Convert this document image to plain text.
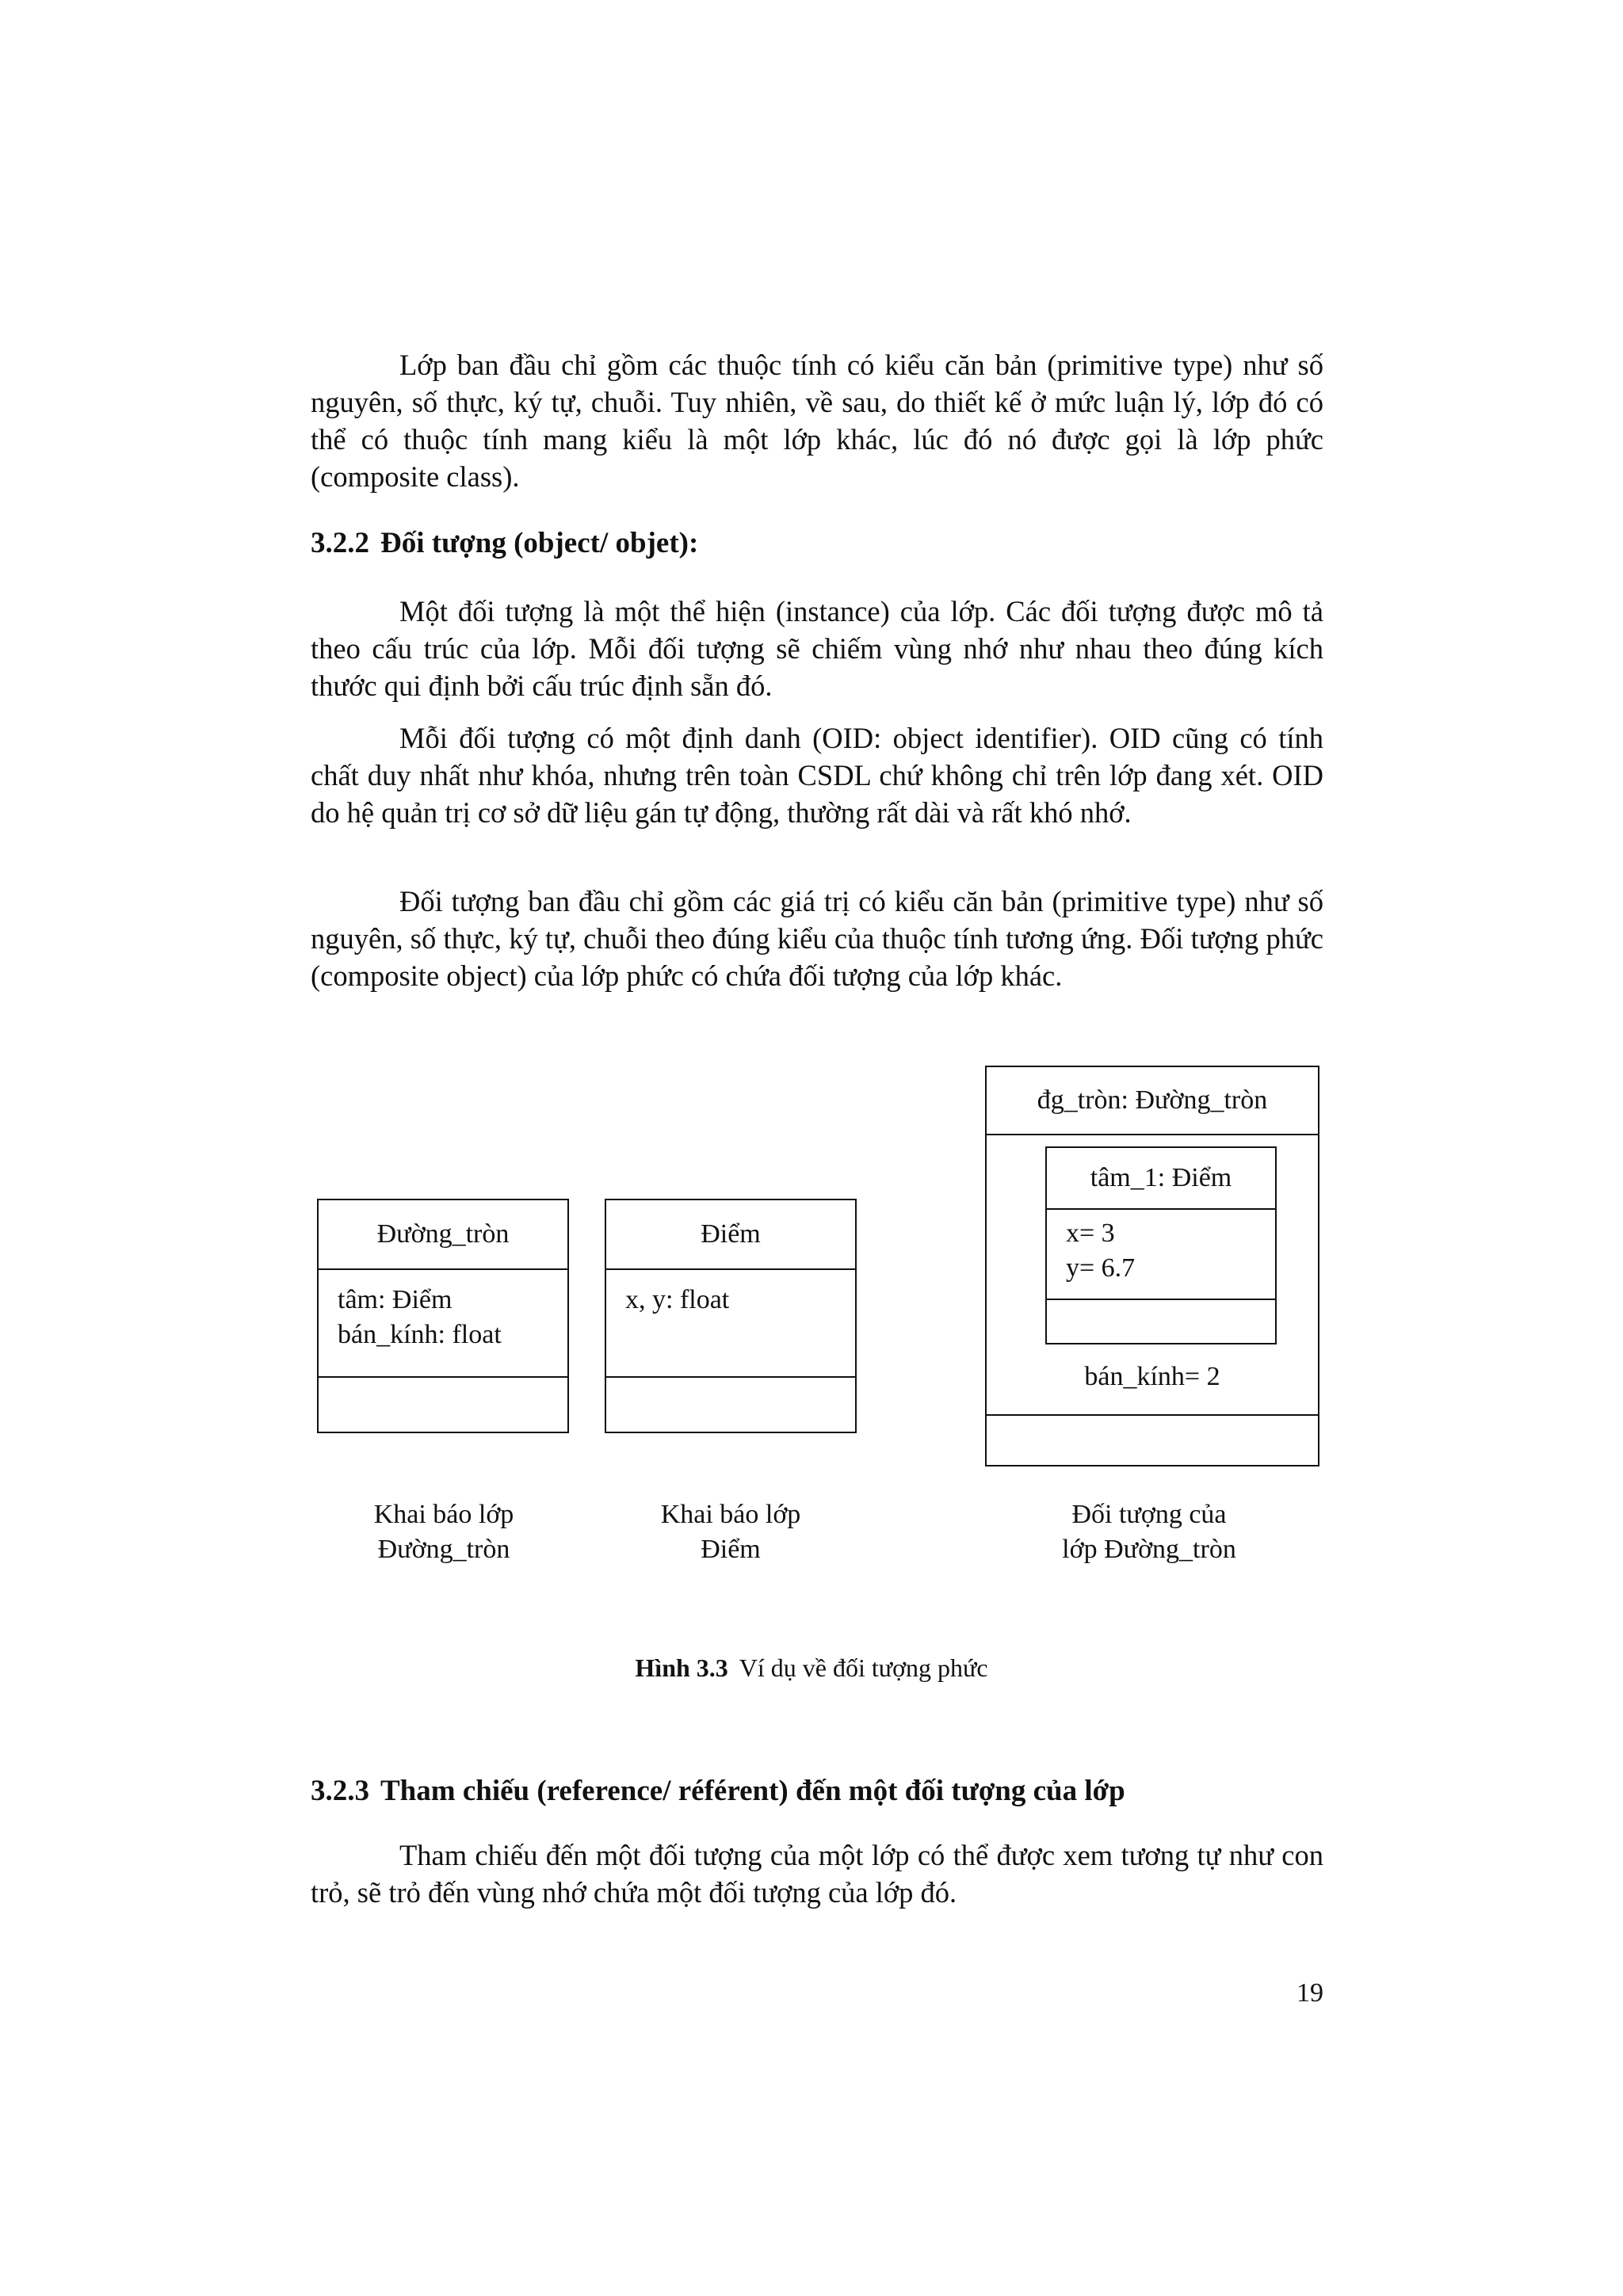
Lớp ban đầu chỉ gồm các thuộc tính có kiểu căn bản (primitive type) như số nguyên, số thực, ký tự, chuỗi. Tuy nhiên, về sau, do thiết kế ở mức luận lý, lớp đó có thể có thuộc tính mang kiểu là một lớp khác, lúc đó nó được gọi là lớp phức (composite class).

3.2.2 Đối tượng (object/ objet):

Một đối tượng là một thể hiện (instance) của lớp. Các đối tượng được mô tả theo cấu trúc của lớp. Mỗi đối tượng sẽ chiếm vùng nhớ như nhau theo đúng kích thước qui định bởi cấu trúc định sẵn đó.

Mỗi đối tượng có một định danh (OID: object identifier). OID cũng có tính chất duy nhất như khóa, nhưng trên toàn CSDL chứ không chỉ trên lớp đang xét. OID do hệ quản trị cơ sở dữ liệu gán tự động, thường rất dài và rất khó nhớ.

Đối tượng ban đầu chỉ gồm các giá trị có kiểu căn bản (primitive type) như số nguyên, số thực, ký tự, chuỗi theo đúng kiểu của thuộc tính tương ứng. Đối tượng phức (composite object) của lớp phức có chứa đối tượng của lớp khác.

Đường_tròn
tâm: Điểm
bán_kính: float
Điểm
x, y: float
đg_tròn: Đường_tròn
tâm_1: Điểm
x= 3
y= 6.7
bán_kính= 2
Khai báo lớp
Đường_tròn
Khai báo lớp
Điểm
Đối tượng của
lớp Đường_tròn

Hình 3.3 Ví dụ về đối tượng phức

3.2.3 Tham chiếu (reference/ référent) đến một đối tượng của lớp

Tham chiếu đến một đối tượng của một lớp có thể được xem tương tự như con trỏ, sẽ trỏ đến vùng nhớ chứa một đối tượng của lớp đó.

19
